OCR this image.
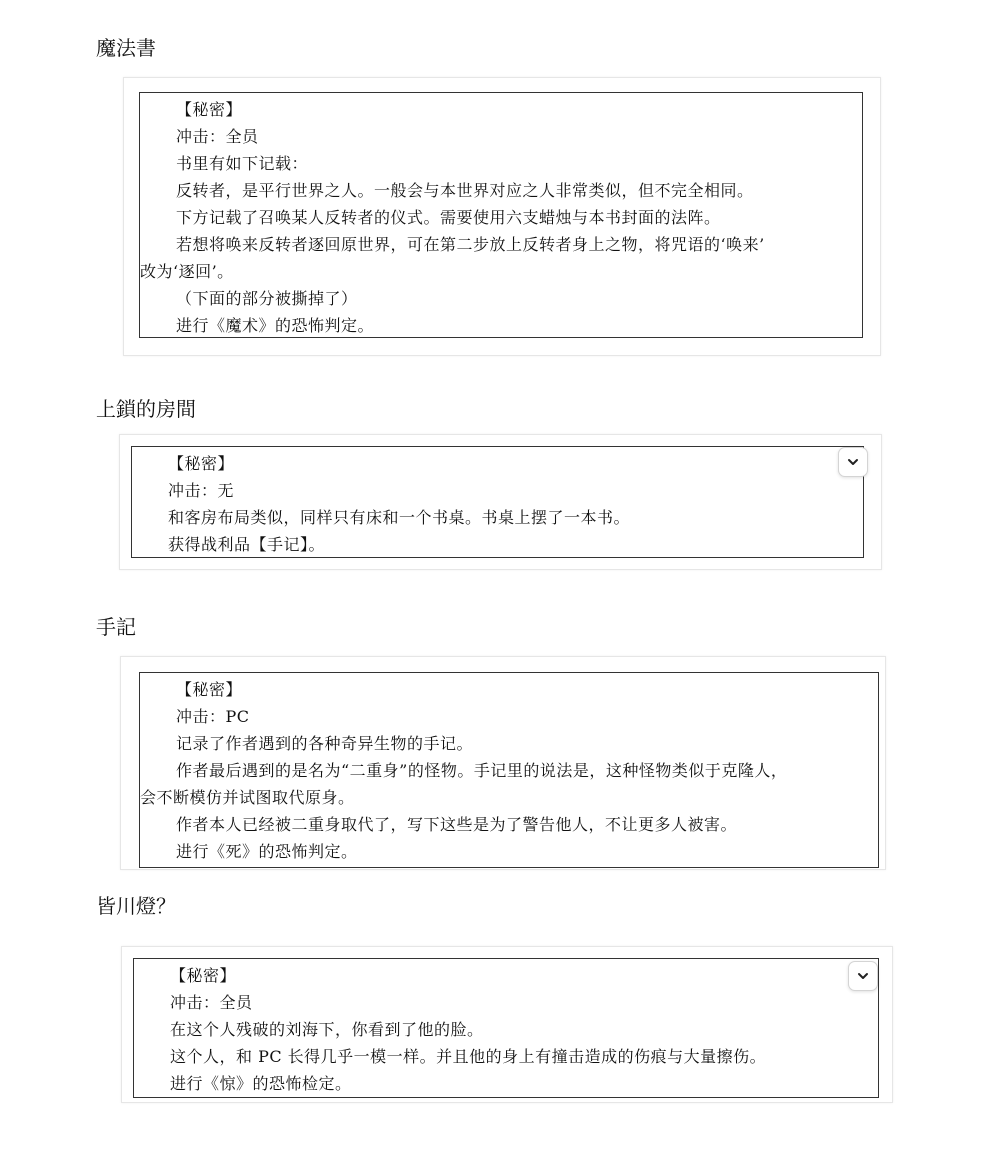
魔法書

【秘密】

冲击：全员

书里有如下记载：

反转者，是平行世界之人。一般会与本世界对应之人非常类似，但不完全相同。

下方记载了召唤某人反转者的仪式。需要使用六支蜡烛与本书封面的法阵。

若想将唤来反转者逐回原世界，可在第二步放上反转者身上之物，将咒语的‘唤来’

改为‘逐回’。

（下面的部分被撕掉了）

进行《魔术》的恐怖判定。

上鎖的房間

【秘密】

冲击：无

和客房布局类似，同样只有床和一个书桌。书桌上摆了一本书。

获得战利品【手记】。

手記

【秘密】

冲击：PC

记录了作者遇到的各种奇异生物的手记。

作者最后遇到的是名为“二重身”的怪物。手记里的说法是，这种怪物类似于克隆人，

会不断模仿并试图取代原身。

作者本人已经被二重身取代了，写下这些是为了警告他人，不让更多人被害。

进行《死》的恐怖判定。

皆川燈？

【秘密】

冲击：全员

在这个人残破的刘海下，你看到了他的脸。

这个人，和 PC 长得几乎一模一样。并且他的身上有撞击造成的伤痕与大量擦伤。

进行《惊》的恐怖检定。
